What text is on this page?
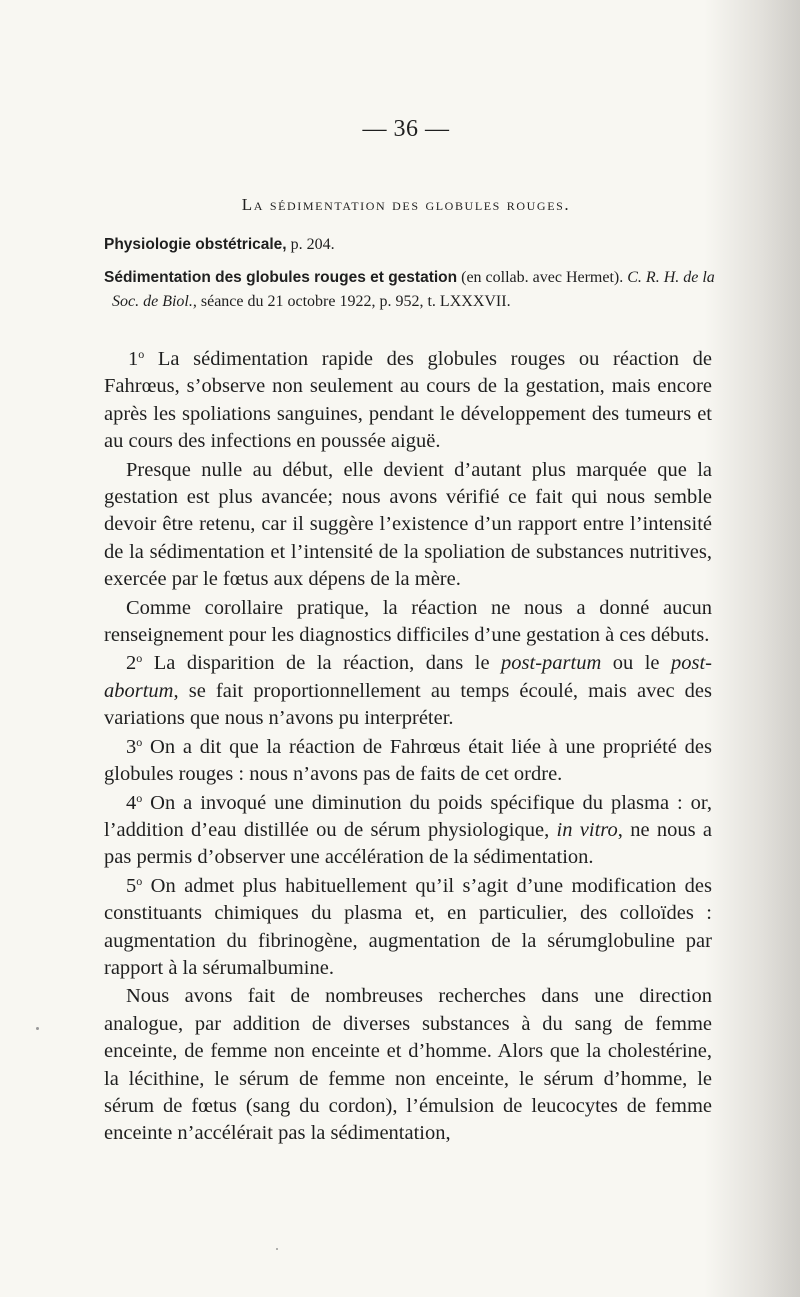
— 36 —
La sédimentation des globules rouges.
Physiologie obstétricale, p. 204.
Sédimentation des globules rouges et gestation (en collab. avec Hermet). C. R. H. de la Soc. de Biol., séance du 21 octobre 1922, p. 952, t. LXXXVII.

1$^o$ La sédimentation rapide des globules rouges ou réaction de Fahrœus, s’observe non seulement au cours de la gestation, mais encore après les spoliations sanguines, pendant le développement des tumeurs et au cours des infections en poussée aiguë.

Presque nulle au début, elle devient d’autant plus marquée que la gestation est plus avancée; nous avons vérifié ce fait qui nous semble devoir être retenu, car il suggère l’existence d’un rapport entre l’intensité de la sédimentation et l’intensité de la spoliation de substances nutritives, exercée par le fœtus aux dépens de la mère.

Comme corollaire pratique, la réaction ne nous a donné aucun renseignement pour les diagnostics difficiles d’une gestation à ces débuts.

2$^o$ La disparition de la réaction, dans le post-partum ou le post-abortum, se fait proportionnellement au temps écoulé, mais avec des variations que nous n’avons pu interpréter.

3$^o$ On a dit que la réaction de Fahrœus était liée à une propriété des globules rouges : nous n’avons pas de faits de cet ordre.

4$^o$ On a invoqué une diminution du poids spécifique du plasma : or, l’addition d’eau distillée ou de sérum physiologique, in vitro, ne nous a pas permis d’observer une accélération de la sédimentation.

5$^o$ On admet plus habituellement qu’il s’agit d’une modification des constituants chimiques du plasma et, en particulier, des colloïdes : augmentation du fibrinogène, augmentation de la sérumglobuline par rapport à la sérumalbumine.

Nous avons fait de nombreuses recherches dans une direction analogue, par addition de diverses substances à du sang de femme enceinte, de femme non enceinte et d’homme. Alors que la cholestérine, la lécithine, le sérum de femme non enceinte, le sérum d’homme, le sérum de fœtus (sang du cordon), l’émulsion de leucocytes de femme enceinte n’accélérait pas la sédimentation,
